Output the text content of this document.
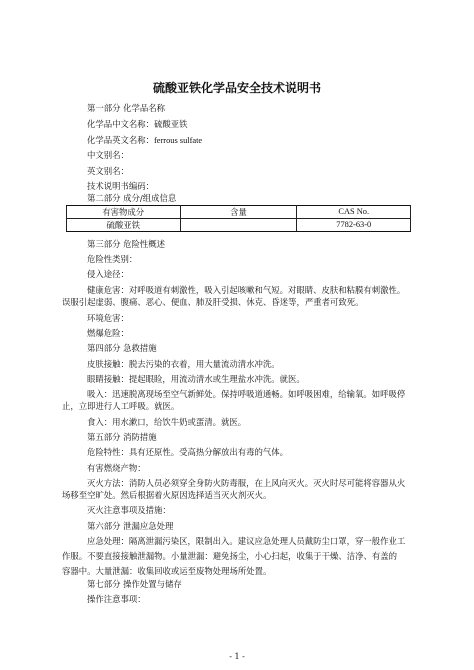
硫酸亚铁化学品安全技术说明书
第一部分 化学品名称
化学品中文名称：硫酸亚铁
化学品英文名称：ferrous sulfate
中文别名：
英文别名：
技术说明书编码：
第二部分 成分/组成信息
有害物成分	含量	CAS No.
硫酸亚铁		7782-63-0
第三部分 危险性概述
危险性类别：
侵入途径：
健康危害：对呼吸道有刺激性，吸入引起咳嗽和气短。对眼睛、皮肤和粘膜有刺激性。
误服引起虚弱、腹痛、恶心、便血、肺及肝受损、休克、昏迷等，严重者可致死。
环境危害：
燃爆危险：
第四部分 急救措施
皮肤接触：脱去污染的衣着，用大量流动清水冲洗。
眼睛接触：提起眼睑，用流动清水或生理盐水冲洗。就医。
吸入：迅速脱离现场至空气新鲜处。保持呼吸道通畅。如呼吸困难，给输氧。如呼吸停
止，立即进行人工呼吸。就医。
食入：用水漱口，给饮牛奶或蛋清。就医。
第五部分 消防措施
危险特性：具有还原性。受高热分解放出有毒的气体。
有害燃烧产物：
灭火方法：消防人员必须穿全身防火防毒服，在上风向灭火。灭火时尽可能将容器从火
场移至空旷处。然后根据着火原因选择适当灭火剂灭火。
灭火注意事项及措施：
第六部分 泄漏应急处理
应急处理：隔离泄漏污染区，限制出入。建议应急处理人员戴防尘口罩，穿一般作业工
作服。不要直接接触泄漏物。小量泄漏：避免扬尘，小心扫起，收集于干燥、洁净、有盖的
容器中。大量泄漏：收集回收或运至废物处理场所处置。
第七部分 操作处置与储存
操作注意事项：
- 1 -
